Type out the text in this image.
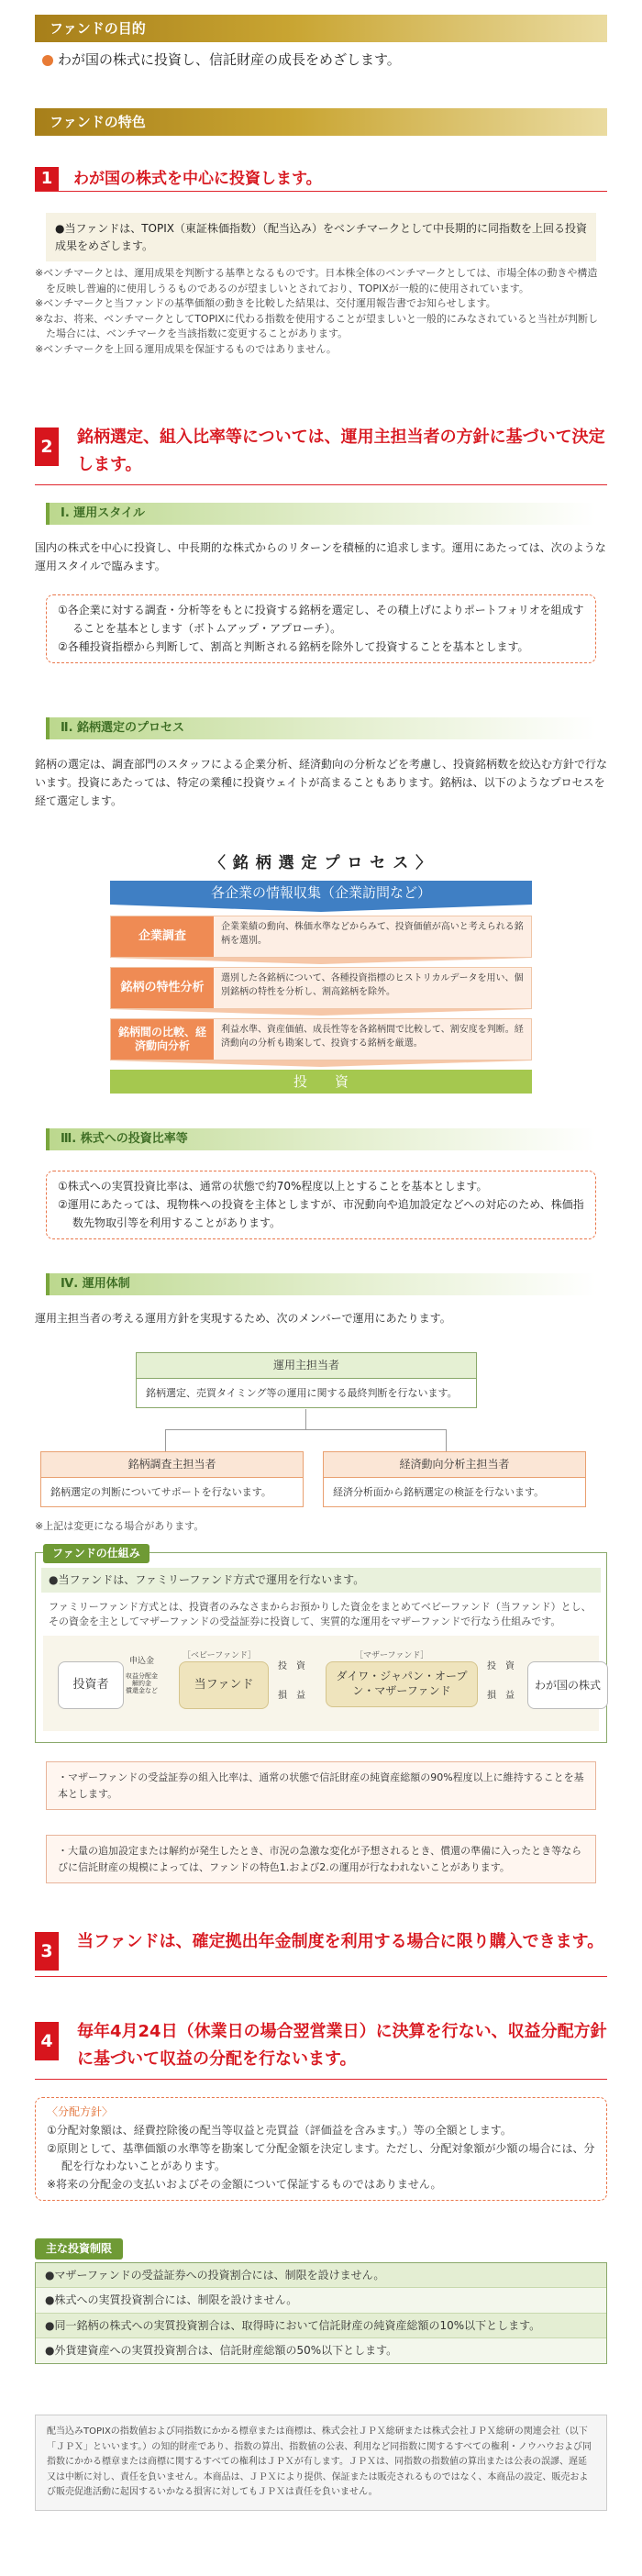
ファンドの目的
わが国の株式に投資し、信託財産の成長をめざします。
ファンドの特色
1	わが国の株式を中心に投資します。
●当ファンドは、TOPIX（東証株価指数）（配当込み）をベンチマークとして中長期的に同指数を上回る投資成果をめざします。

※ベンチマークとは、運用成果を判断する基準となるものです。日本株全体のベンチマークとしては、市場全体の動きや構造を反映し普遍的に使用しうるものであるのが望ましいとされており、TOPIXが一般的に使用されています。

※ベンチマークと当ファンドの基準価額の動きを比較した結果は、交付運用報告書でお知らせします。

※なお、将来、ベンチマークとしてTOPIXに代わる指数を使用することが望ましいと一般的にみなされていると当社が判断した場合には、ベンチマークを当該指数に変更することがあります。

※ベンチマークを上回る運用成果を保証するものではありません。

2	銘柄選定、組入比率等については、運用主担当者の方針に基づいて決定します。
Ⅰ. 運用スタイル
国内の株式を中心に投資し、中長期的な株式からのリターンを積極的に追求します。運用にあたっては、次のような運用スタイルで臨みます。

①各企業に対する調査・分析等をもとに投資する銘柄を選定し、その積上げによりポートフォリオを組成することを基本とします（ボトムアップ・アプローチ）。

②各種投資指標から判断して、割高と判断される銘柄を除外して投資することを基本とします。

Ⅱ. 銘柄選定のプロセス
銘柄の選定は、調査部門のスタッフによる企業分析、経済動向の分析などを考慮し、投資銘柄数を絞込む方針で行ないます。投資にあたっては、特定の業種に投資ウェイトが高まることもあります。銘柄は、以下のようなプロセスを経て選定します。
〈 銘 柄 選 定 プ ロ セ ス 〉
各企業の情報収集（企業訪問など）
企業調査
企業業績の動向、株価水準などからみて、投資価値が高いと考えられる銘柄を選別。
銘柄の特性分析
選別した各銘柄について、各種投資指標のヒストリカルデータを用い、個別銘柄の特性を分析し、割高銘柄を除外。
銘柄間の比較、経済動向分析
利益水準、資産価値、成長性等を各銘柄間で比較して、割安度を判断。経済動向の分析も勘案して、投資する銘柄を厳選。
投　　資
Ⅲ. 株式への投資比率等

①株式への実質投資比率は、通常の状態で約70%程度以上とすることを基本とします。

②運用にあたっては、現物株への投資を主体としますが、市況動向や追加設定などへの対応のため、株価指数先物取引等を利用することがあります。

Ⅳ. 運用体制
運用主担当者の考える運用方針を実現するため、次のメンバーで運用にあたります。
運用主担当者
銘柄選定、売買タイミング等の運用に関する最終判断を行ないます。
銘柄調査主担当者
銘柄選定の判断についてサポートを行ないます。
経済動向分析主担当者
経済分析面から銘柄選定の検証を行ないます。
※上記は変更になる場合があります。
ファンドの仕組み
●当ファンドは、ファミリーファンド方式で運用を行ないます。
ファミリーファンド方式とは、投資者のみなさまからお預かりした資金をまとめてベビーファンド（当ファンド）とし、その資金を主としてマザーファンドの受益証券に投資して、実質的な運用をマザーファンドで行なう仕組みです。
投資者
申込金
収益分配金
解約金
償還金など
［ベビーファンド］
当ファンド
投　資
損　益
［マザーファンド］
ダイワ・ジャパン・オープン・マザーファンド
投　資
損　益
わが国の株式
・マザーファンドの受益証券の組入比率は、通常の状態で信託財産の純資産総額の90%程度以上に維持することを基本とします。
・大量の追加設定または解約が発生したとき、市況の急激な変化が予想されるとき、償還の準備に入ったとき等ならびに信託財産の規模によっては、ファンドの特色1.および2.の運用が行なわれないことがあります。
3	当ファンドは、確定拠出年金制度を利用する場合に限り購入できます。
4	毎年4月24日（休業日の場合翌営業日）に決算を行ない、収益分配方針に基づいて収益の分配を行ないます。
〈分配方針〉

①分配対象額は、経費控除後の配当等収益と売買益（評価益を含みます。）等の全額とします。

②原則として、基準価額の水準等を勘案して分配金額を決定します。ただし、分配対象額が少額の場合には、分配を行なわないことがあります。

※将来の分配金の支払いおよびその金額について保証するものではありません。

主な投資制限
●マザーファンドの受益証券への投資割合には、制限を設けません。
●株式への実質投資割合には、制限を設けません。
●同一銘柄の株式への実質投資割合は、取得時において信託財産の純資産総額の10%以下とします。
●外貨建資産への実質投資割合は、信託財産総額の50%以下とします。
配当込みTOPIXの指数値および同指数にかかる標章または商標は、株式会社ＪＰＸ総研または株式会社ＪＰＸ総研の関連会社（以下「ＪＰＸ」といいます。）の知的財産であり、指数の算出、指数値の公表、利用など同指数に関するすべての権利・ノウハウおよび同指数にかかる標章または商標に関するすべての権利はＪＰＸが有します。ＪＰＸは、同指数の指数値の算出または公表の誤謬、遅延又は中断に対し、責任を負いません。本商品は、ＪＰＸにより提供、保証または販売されるものではなく、本商品の設定、販売および販売促進活動に起因するいかなる損害に対してもＪＰＸは責任を負いません。
